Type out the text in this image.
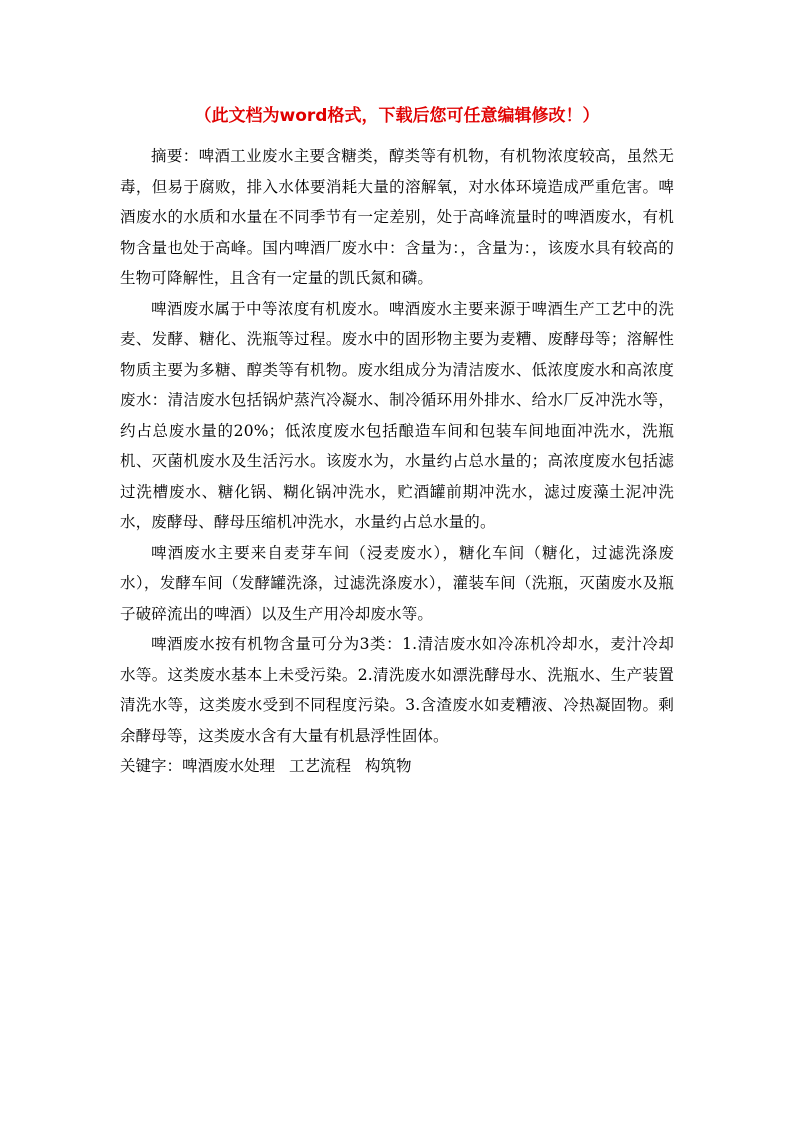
（此文档为word格式，下载后您可任意编辑修改！）

摘要：啤酒工业废水主要含糖类，醇类等有机物，有机物浓度较高，虽然无毒，但易于腐败，排入水体要消耗大量的溶解氧，对水体环境造成严重危害。啤酒废水的水质和水量在不同季节有一定差别，处于高峰流量时的啤酒废水，有机物含量也处于高峰。国内啤酒厂废水中：含量为：，含量为：，该废水具有较高的生物可降解性，且含有一定量的凯氏氮和磷。

啤酒废水属于中等浓度有机废水。啤酒废水主要来源于啤酒生产工艺中的洗麦、发酵、糖化、洗瓶等过程。废水中的固形物主要为麦糟、废酵母等；溶解性物质主要为多糖、醇类等有机物。废水组成分为清洁废水、低浓度废水和高浓度废水：清洁废水包括锅炉蒸汽冷凝水、制冷循环用外排水、给水厂反冲洗水等，约占总废水量的20%；低浓度废水包括酿造车间和包装车间地面冲洗水，洗瓶机、灭菌机废水及生活污水。该废水为，水量约占总水量的；高浓度废水包括滤过洗槽废水、糖化锅、糊化锅冲洗水，贮酒罐前期冲洗水，滤过废藻土泥冲洗水，废酵母、酵母压缩机冲洗水，水量约占总水量的。

啤酒废水主要来自麦芽车间（浸麦废水），糖化车间（糖化，过滤洗涤废水），发酵车间（发酵罐洗涤，过滤洗涤废水），灌装车间（洗瓶，灭菌废水及瓶子破碎流出的啤酒）以及生产用冷却废水等。

啤酒废水按有机物含量可分为3类：1.清洁废水如冷冻机冷却水，麦汁冷却水等。这类废水基本上未受污染。2.清洗废水如漂洗酵母水、洗瓶水、生产装置清洗水等，这类废水受到不同程度污染。3.含渣废水如麦糟液、冷热凝固物。剩余酵母等，这类废水含有大量有机悬浮性固体。

关键字：啤酒废水处理 工艺流程 构筑物
